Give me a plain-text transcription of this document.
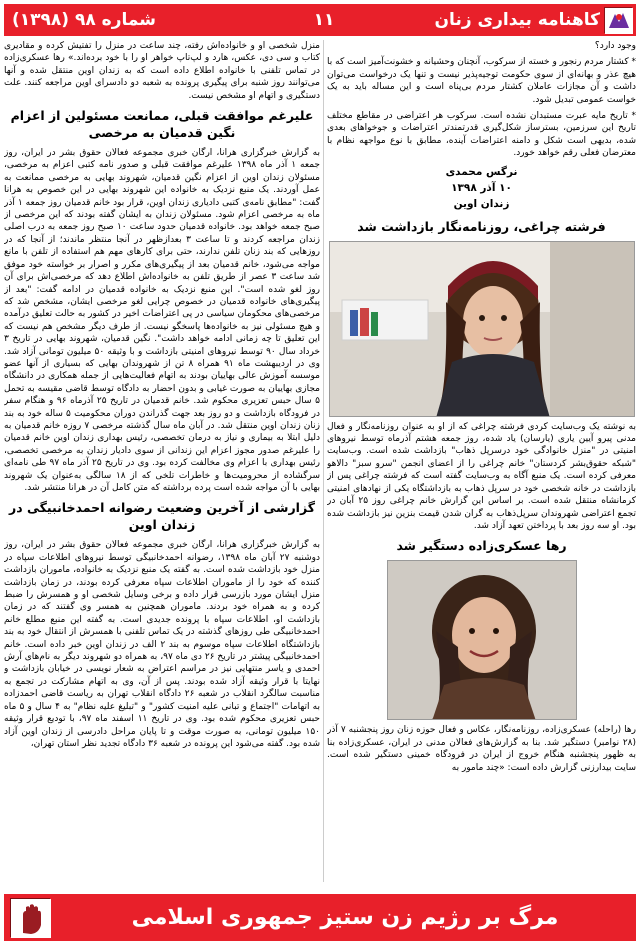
کاهنامه بیداری زنان
۱۱
شماره ۹۸ (۱۳۹۸)

وجود دارد؟

* کشتار مردم رنجور و خسته از سرکوب، آنچنان وحشیانه و خشونت‌آمیز است که با هیچ عذر و بهانه‌ای از سوی حکومت توجیه‌پذیر نیست و تنها یک درخواست می‌توان داشت و آن مجازات عاملان کشتار مردم بی‌پناه است و این مساله باید به یک خواست عمومی تبدیل شود.

* تاریخ مایه عبرت مستبدان نشده است. سرکوب هر اعتراضی در مقاطع مختلف تاریخ این سرزمین، بسترساز شکل‌گیری قدرتمندتر اعتراضات و جوخوا‌های بعدی شده، بدیهی است شکل و دامنه اعتراضات آینده، مطابق با نوع مواجهه نظام با معترضان فعلی رقم خواهد خورد.

نرگس محمدی
۱۰ آذر ۱۳۹۸
زندان اوین
فرشته چراغی، روزنامه‌نگار بازداشت شد

به نوشته یک وب‌سایت کردی فرشته چراغی که از او به عنوان روزنامه‌نگار و فعال مدنی پیرو آیین یاری (یارسان) یاد شده، روز جمعه هشتم آذرماه توسط نیروهای امنیتی در "منزل خانوادگی خود درسرپل ذهاب" بازداشت شده است. وب‌سایت "شبکه حقوق‌بشر کردستان" خانم چراغی را از اعضای انجمن "سرو سبز" دالاهو معرفی کرده است. یک منبع آگاه به وب‌سایت گفته است که فرشته چراغی پس از بازداشت در خانه شخصی خود در سرپل ذهاب به بازداشتگاه یکی از نهادهای امنیتی کرمانشاه منتقل شده است. بر اساس این گزارش خانم چراغی روز ۲۵ آبان در تجمع اعتراضی شهروندان سرپل‌ذهاب به گران شدن قیمت بنزین نیز بازداشت شده بود. او سه روز بعد با پرداختن تعهد آزاد شد.

رها عسکری‌زاده دستگیر شد

رها (راحله) عسکری‌زاده، روزنامه‌نگار، عکاس و فعال حوزه زنان روز پنجشنبه ۷ آذر (۲۸ نوامبر) دستگیر شد. بنا به گزارش‌های فعالان مدنی در ایران، عسکری‌زاده بنا به ظهور پنجشنبه هنگام خروج از ایران در فرودگاه خمینی دستگیر شده است. سایت بیدارزنی گزارش داده است: «چند مامور به

منزل شخصی او و خانواده‌اش رفته، چند ساعت در منزل را تفتیش کرده و مقادیری کتاب و سی دی، عکس، هارد و لپ‌تاپ خواهر او را با خود برده‌اند.» رها عسکری‌زاده در تماس تلفنی با خانواده اطلاع داده است که به زندان اوین منتقل شده و آنها می‌توانند روز شنبه برای پیگیری پرونده به شعبه دو دادسرای اوین مراجعه کنند. علت دستگیری و اتهام او مشخص نیست.

علیرغم موافقت قبلی، ممانعت مسئولین از اعزام نگین قدمیان به مرخصی

به گزارش خبرگزاری هرانا، ارگان خبری مجموعه فعالان حقوق بشر در ایران، روز جمعه ۱ آذر ماه ۱۳۹۸ علیرغم موافقت قبلی و صدور نامه کتبی اعزام به مرخصی، مسئولان زندان اوین از اعزام نگین قدمیان، شهروند بهایی به مرخصی ممانعت به عمل آوردند. یک منبع نزدیک به خانواده این شهروند بهایی در این خصوص به هرانا گفت: "مطابق نامه‌ی کتبی دادیاری زندان اوین، قرار بود خانم قدمیان روز جمعه ۱ آذر ماه به مرخصی اعزام شود. مسئولان زندان به ایشان گفته بودند که این مرخصی از صبح جمعه خواهد بود. خانواده قدمیان حدود ساعت ۱۰ صبح روز جمعه به درب اصلی زندان مراجعه کردند و تا ساعت ۳ بعدازظهر در آنجا منتظر ماندند؛ از آنجا که در روزهایی که بند زنان تلفن ندارند، حتی برای کارهای مهم هم استفاده از تلفن با مانع مواجه می‌شود، خانم قدمیان بعد از پیگیری‌های مکرر و اصرار بر خواسته خود موفق شد ساعت ۳ عصر از طریق تلفن به خانواده‌اش اطلاع دهد که مرخصی‌اش برای آن روز لغو شده است". این منبع نزدیک به خانواده قدمیان در ادامه گفت: "بعد از پیگیری‌های خانواده قدمیان در خصوص چرایی لغو مرخصی ایشان، مشخص شد که مرخصی‌های محکومان سیاسی در پی اعتراضات اخیر در کشور به حالت تعلیق درآمده و هیچ مسئولی نیز به خانواده‌ها پاسخگو نیست. از طرف دیگر مشخص هم نیست که این تعلیق تا چه زمانی ادامه خواهد داشت". نگین قدمیان، شهروند بهایی در تاریخ ۳ خرداد سال ۹۰ توسط نیروهای امنیتی بازداشت و با وثیقه ۵۰ میلیون تومانی آزاد شد. وی در اردیبهشت ماه ۹۱ همراه ۸ تن از شهروندان بهایی که بسیاری از آنها عضو موسسه آموزش عالی بهاییان بودند به اتهام فعالیت‌هایی از جمله همکاری در دانشگاه مجازی بهاییان به صورت غیابی و بدون احضار به دادگاه توسط قاضی مقیسه به تحمل ۵ سال حبس تعزیری محکوم شد. خانم قدمیان در تاریخ ۲۵ آذرماه ۹۶ و هنگام سفر در فرودگاه بازداشت و دو روز بعد جهت گذراندن دوران محکومیت ۵ ساله خود به بند زنان زندان اوین منتقل شد. در آبان ماه سال گذشته مرخصی ۷ روزه خانم قدمیان به دلیل ابتلا به بیماری و نیاز به درمان تخصصی، رئیس بهداری زندان اوین خانم قدمیان را علیرغم صدور مجوز اعزام این زندانی از سوی دادیار زندان به مرخصی تخصصی، رئیس بهداری با اعزام وی مخالفت کرده بود. وی در تاریخ ۲۵ آذر ماه ۹۷ طی نامه‌ای سرگشاده از محرومیت‌ها و خاطرات تلخی که از ۱۸ سالگی به‌عنوان یک شهروند بهایی با آن مواجه شده است پرده برداشته که متن کامل آن در هرانا منتشر شد.

گزارشی از آخرین وضعیت رضوانه احمدخانبیگی در زندان اوین

به گزارش خبرگزاری هرانا، ارگان خبری مجموعه فعالان حقوق بشر در ایران، روز دوشنبه ۲۷ آبان ماه ۱۳۹۸، رضوانه احمدخانبیگی توسط نیروهای اطلاعات سپاه در منزل خود بازداشت شده است. به گفته یک منبع نزدیک به خانواده، ماموران بازداشت کننده که خود را از ماموران اطلاعات سپاه معرفی کرده بودند، در زمان بازداشت منزل ایشان مورد بازرسی قرار داده و برخی وسایل شخصی او و همسرش را ضبط کرده و به همراه خود بردند. ماموران همچنین به همسر وی گفتند که در زمان بازداشت او، اطلاعات سپاه با پرونده جدیدی است. به گفته این منبع مطلع خانم احمدخانبیگی طی روزهای گذشته در یک تماس تلفنی با همسرش از انتقال خود به بند بازداشتگاه اطلاعات سپاه موسوم به بند ۲ الف در زندان اوین خبر داده است. خانم احمدخانبیگی پیشتر در تاریخ ۲۶ دی ماه ۹۷، به همراه دو شهروند دیگر به نام‌های آرش احمدی و یاسر منتهایی نیز در مراسم اعتراض به شعار نویسی در خیابان بازداشت و نهایتا با قرار وثیقه آزاد شده بودند. پس از آن، وی به اتهام مشارکت در تجمع به مناسبت سالگرد انقلاب در شعبه ۲۶ دادگاه انقلاب تهران به ریاست قاضی احمدزاده به اتهامات "اجتماع و تبانی علیه امنیت کشور" و "تبلیغ علیه نظام" به ۴ سال و ۵ ماه حبس تعزیری محکوم شده بود. وی در تاریخ ۱۱ اسفند ماه ۹۷، با تودیع قرار وثیقه ۱۵۰ میلیون تومانی، به صورت موقت و تا پایان مراحل دادرسی از زندان اوین آزاد شده بود. گفته می‌شود این پرونده در شعبه ۳۶ دادگاه تجدید نظر استان تهران،

مرگ بر رژیم زن ستیز جمهوری اسلامی
